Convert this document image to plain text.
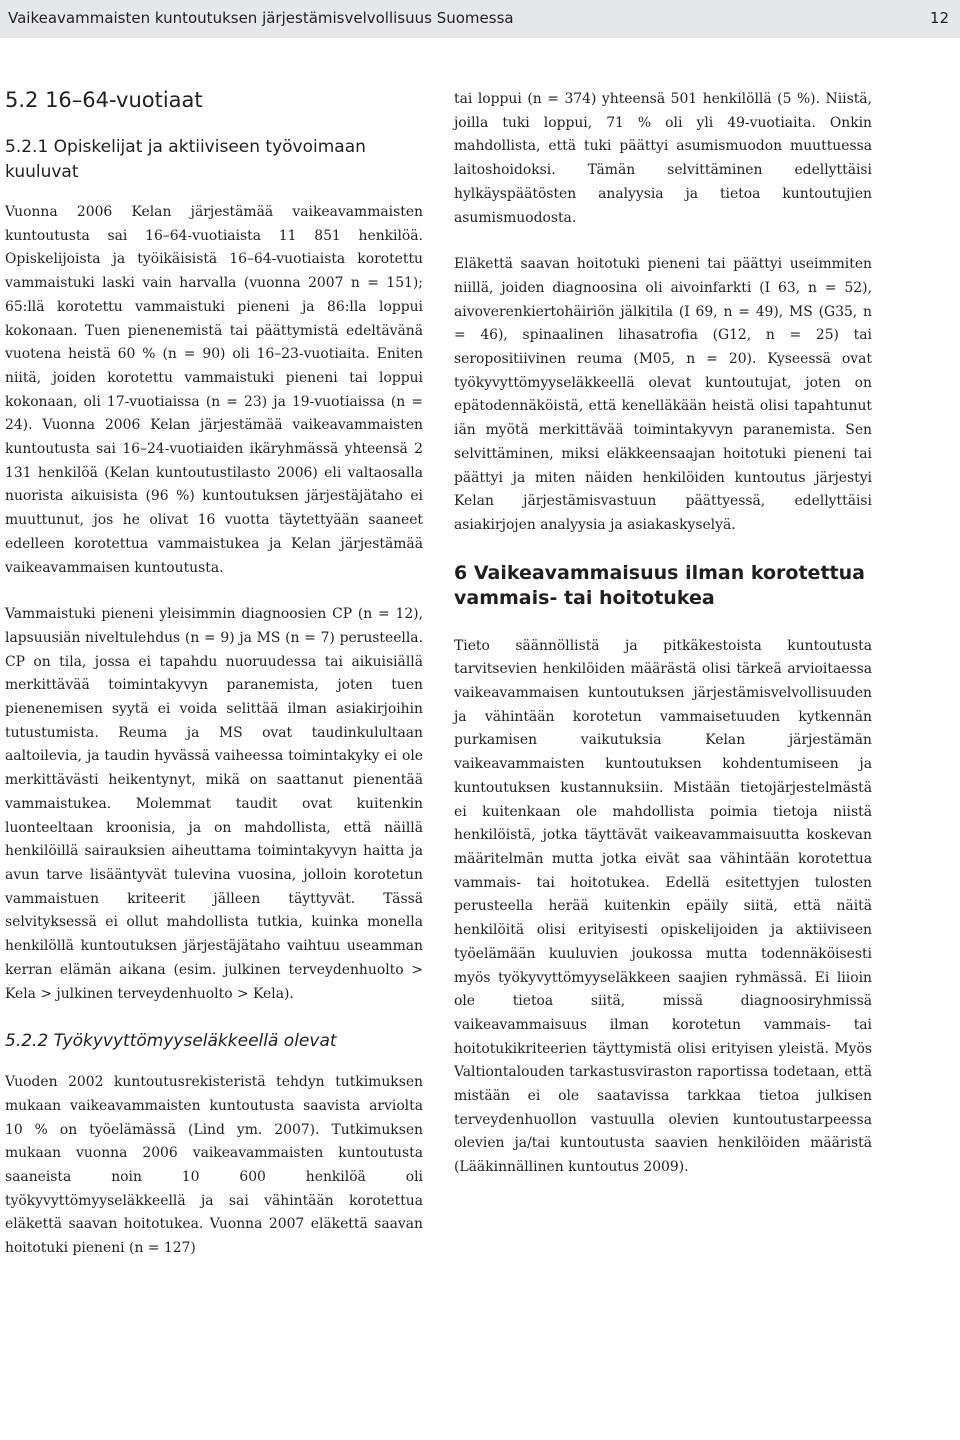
Vaikeavammaisten kuntoutuksen järjestämisvelvollisuus Suomessa	12
5.2 16–64-vuotiaat
5.2.1 Opiskelijat ja aktiiviseen työvoimaan kuuluvat

Vuonna 2006 Kelan järjestämää vaikeavammaisten kuntoutusta sai 16–64-vuotiaista 11 851 henkilöä. Opiskelijoista ja työikäisistä 16–64-vuotiaista korotettu vammaistuki laski vain harvalla (vuonna 2007 n = 151); 65:llä korotettu vammaistuki pieneni ja 86:lla loppui kokonaan. Tuen pienenemistä tai päättymistä edeltävänä vuotena heistä 60 % (n = 90) oli 16–23-vuotiaita. Eniten niitä, joiden korotettu vammaistuki pieneni tai loppui kokonaan, oli 17-vuotiaissa (n = 23) ja 19-vuotiaissa (n = 24). Vuonna 2006 Kelan järjestämää vaikeavammaisten kuntoutusta sai 16–24-vuotiaiden ikäryhmässä yhteensä 2 131 henkilöä (Kelan kuntoutustilasto 2006) eli valtaosalla nuorista aikuisista (96 %) kuntoutuksen järjestäjätaho ei muuttunut, jos he olivat 16 vuotta täytettyään saaneet edelleen korotettua vammaistukea ja Kelan järjestämää vaikeavammaisen kuntoutusta.

Vammaistuki pieneni yleisimmin diagnoosien CP (n = 12), lapsuusiän niveltulehdus (n = 9) ja MS (n = 7) perusteella. CP on tila, jossa ei tapahdu nuoruudessa tai aikuisiällä merkittävää toimintakyvyn paranemista, joten tuen pienenemisen syytä ei voida selittää ilman asiakirjoihin tutustumista. Reuma ja MS ovat taudinkulultaan aaltoilevia, ja taudin hyvässä vaiheessa toimintakyky ei ole merkittävästi heikentynyt, mikä on saattanut pienentää vammaistukea. Molemmat taudit ovat kuitenkin luonteeltaan kroonisia, ja on mahdollista, että näillä henkilöillä sairauksien aiheuttama toimintakyvyn haitta ja avun tarve lisääntyvät tulevina vuosina, jolloin korotetun vammaistuen kriteerit jälleen täyttyvät. Tässä selvityksessä ei ollut mahdollista tutkia, kuinka monella henkilöllä kuntoutuksen järjestäjätaho vaihtuu useamman kerran elämän aikana (esim. julkinen terveydenhuolto > Kela > julkinen terveydenhuolto > Kela).

5.2.2 Työkyvyttömyyseläkkeellä olevat

Vuoden 2002 kuntoutusrekisteristä tehdyn tutkimuksen mukaan vaikeavammaisten kuntoutusta saavista arviolta 10 % on työelämässä (Lind ym. 2007). Tutkimuksen mukaan vuonna 2006 vaikeavammaisten kuntoutusta saaneista noin 10 600 henkilöä oli työkyvyttömyyseläkkeellä ja sai vähintään korotettua eläkettä saavan hoitotukea. Vuonna 2007 eläkettä saavan hoitotuki pieneni (n = 127)

tai loppui (n = 374) yhteensä 501 henkilöllä (5 %). Niistä, joilla tuki loppui, 71 % oli yli 49-vuotiaita. Onkin mahdollista, että tuki päättyi asumismuodon muuttuessa laitoshoidoksi. Tämän selvittäminen edellyttäisi hylkäyspäätösten analyysia ja tietoa kuntoutujien asumismuodosta.

Eläkettä saavan hoitotuki pieneni tai päättyi useimmiten niillä, joiden diagnoosina oli aivoinfarkti (I 63, n = 52), aivoverenkiertohäiriön jälkitila (I 69, n = 49), MS (G35, n = 46), spinaalinen lihasatrofia (G12, n = 25) tai seropositiivinen reuma (M05, n = 20). Kyseessä ovat työkyvyttömyyseläkkeellä olevat kuntoutujat, joten on epätodennäköistä, että kenelläkään heistä olisi tapahtunut iän myötä merkittävää toimintakyvyn paranemista. Sen selvittäminen, miksi eläkkeensaajan hoitotuki pieneni tai päättyi ja miten näiden henkilöiden kuntoutus järjestyi Kelan järjestämisvastuun päättyessä, edellyttäisi asiakirjojen analyysia ja asiakaskyselyä.

6 Vaikeavammaisuus ilman korotettua vammais- tai hoitotukea

Tieto säännöllistä ja pitkäkestoista kuntoutusta tarvitsevien henkilöiden määrästä olisi tärkeä arvioitaessa vaikeavammaisen kuntoutuksen järjestämisvelvollisuuden ja vähintään korotetun vammaisetuuden kytkennän purkamisen vaikutuksia Kelan järjestämän vaikeavammaisten kuntoutuksen kohdentumiseen ja kuntoutuksen kustannuksiin. Mistään tietojärjestelmästä ei kuitenkaan ole mahdollista poimia tietoja niistä henkilöistä, jotka täyttävät vaikeavammaisuutta koskevan määritelmän mutta jotka eivät saa vähintään korotettua vammais- tai hoitotukea. Edellä esitettyjen tulosten perusteella herää kuitenkin epäily siitä, että näitä henkilöitä olisi erityisesti opiskelijoiden ja aktiiviseen työelämään kuuluvien joukossa mutta todennäköisesti myös työkyvyttömyyseläkkeen saajien ryhmässä. Ei liioin ole tietoa siitä, missä diagnoosiryhmissä vaikeavammaisuus ilman korotetun vammais- tai hoitotukikriteerien täyttymistä olisi erityisen yleistä. Myös Valtiontalouden tarkastusviraston raportissa todetaan, että mistään ei ole saatavissa tarkkaa tietoa julkisen terveydenhuollon vastuulla olevien kuntoutustarpeessa olevien ja/tai kuntoutusta saavien henkilöiden määristä (Lääkinnällinen kuntoutus 2009).
